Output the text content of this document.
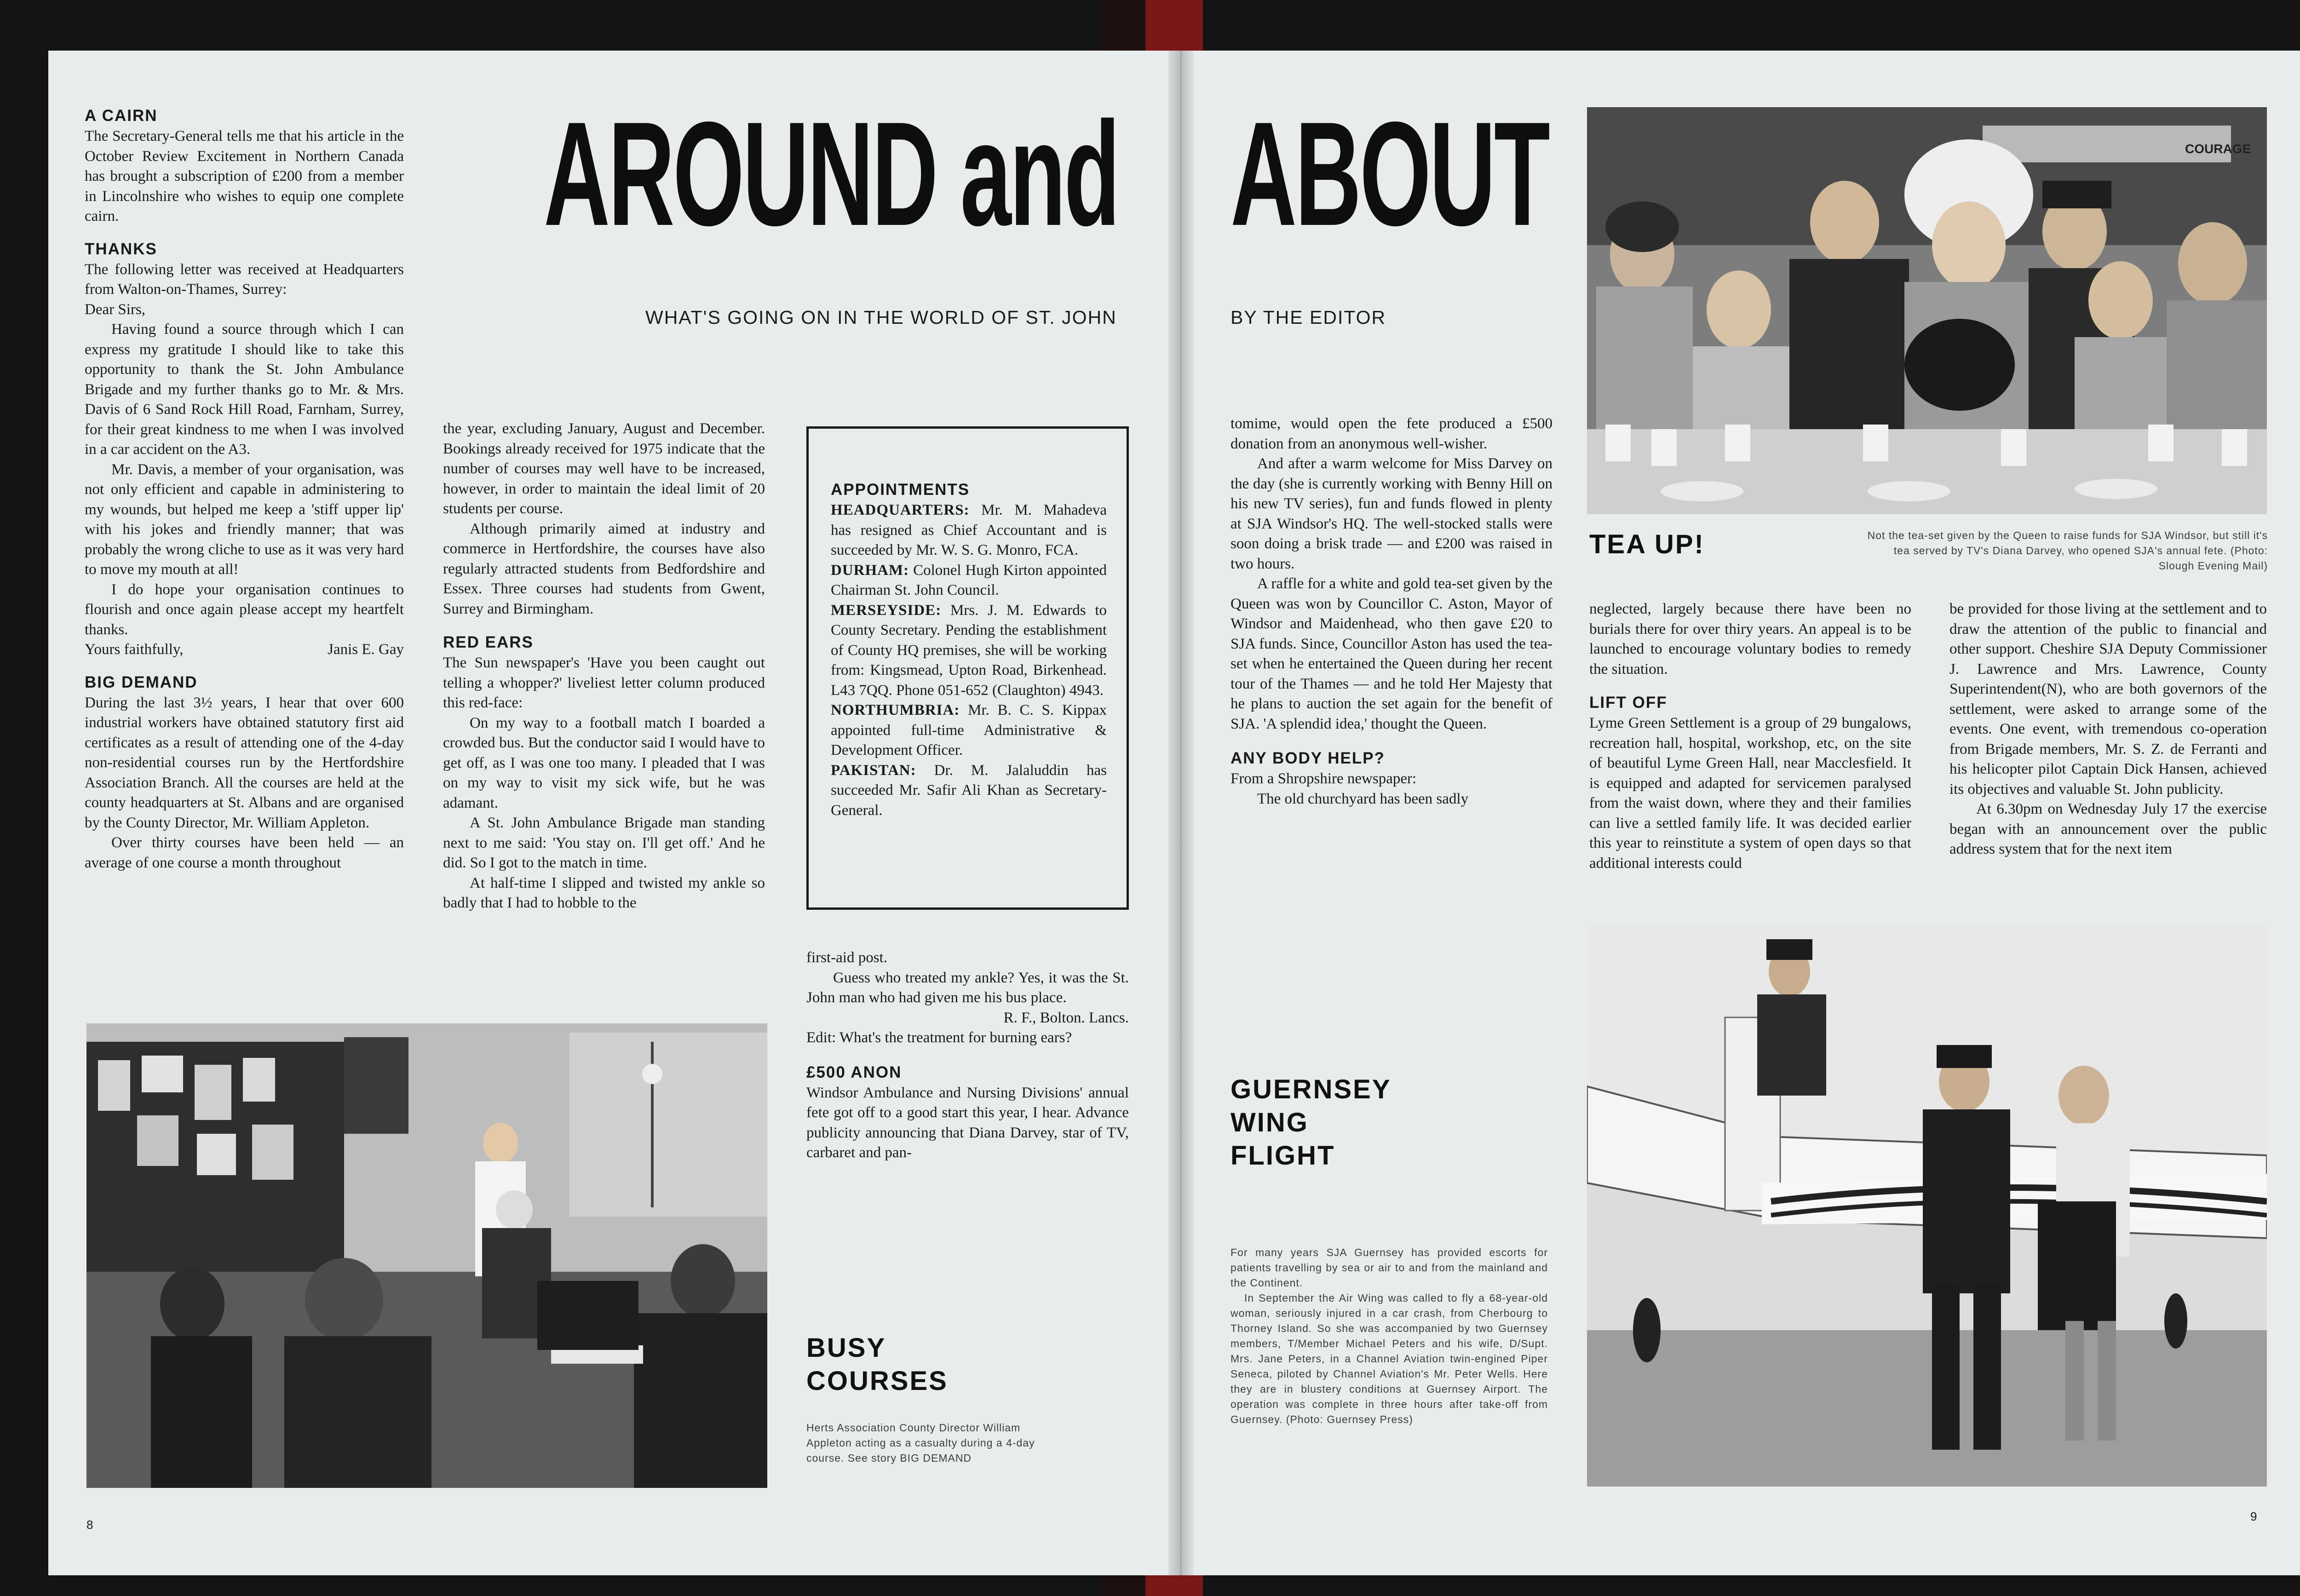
AROUND and ABOUT
WHAT'S GOING ON IN THE WORLD OF ST. JOHN	BY THE EDITOR
A CAIRN

The Secretary-General tells me that his article in the October Review Excitement in Northern Canada has brought a subscription of £200 from a member in Lincolnshire who wishes to equip one complete cairn.

THANKS

The following letter was received at Headquarters from Walton-on-Thames, Surrey:

Dear Sirs,

Having found a source through which I can express my gratitude I should like to take this opportunity to thank the St. John Ambulance Brigade and my further thanks go to Mr. & Mrs. Davis of 6 Sand Rock Hill Road, Farnham, Surrey, for their great kindness to me when I was involved in a car accident on the A3.

Mr. Davis, a member of your organisation, was not only efficient and capable in administering to my wounds, but helped me keep a 'stiff upper lip' with his jokes and friendly manner; that was probably the wrong cliche to use as it was very hard to move my mouth at all!

I do hope your organisation continues to flourish and once again please accept my heartfelt thanks.

Yours faithfully,	Janis E. Gay

BIG DEMAND

During the last 3½ years, I hear that over 600 industrial workers have obtained statutory first aid certificates as a result of attending one of the 4-day non-residential courses run by the Hertfordshire Association Branch. All the courses are held at the county headquarters at St. Albans and are organised by the County Director, Mr. William Appleton.

Over thirty courses have been held — an average of one course a month throughout

the year, excluding January, August and December. Bookings already received for 1975 indicate that the number of courses may well have to be increased, however, in order to maintain the ideal limit of 20 students per course.

Although primarily aimed at industry and commerce in Hertfordshire, the courses have also regularly attracted students from Bedfordshire and Essex. Three courses had students from Gwent, Surrey and Birmingham.

RED EARS

The Sun newspaper's 'Have you been caught out telling a whopper?' liveliest letter column produced this red-face:

On my way to a football match I boarded a crowded bus. But the conductor said I would have to get off, as I was one too many. I pleaded that I was on my way to visit my sick wife, but he was adamant.

A St. John Ambulance Brigade man standing next to me said: 'You stay on. I'll get off.' And he did. So I got to the match in time.

At half-time I slipped and twisted my ankle so badly that I had to hobble to the

APPOINTMENTS

HEADQUARTERS: Mr. M. Mahadeva has resigned as Chief Accountant and is succeeded by Mr. W. S. G. Monro, FCA.

DURHAM: Colonel Hugh Kirton appointed Chairman St. John Council.

MERSEYSIDE: Mrs. J. M. Edwards to County Secretary. Pending the establishment of County HQ premises, she will be working from: Kingsmead, Upton Road, Birkenhead. L43 7QQ. Phone 051-652 (Claughton) 4943.

NORTHUMBRIA: Mr. B. C. S. Kippax appointed full-time Administrative & Development Officer.

PAKISTAN: Dr. M. Jalaluddin has succeeded Mr. Safir Ali Khan as Secretary-General.

first-aid post.

Guess who treated my ankle? Yes, it was the St. John man who had given me his bus place.

R. F., Bolton. Lancs.

Edit: What's the treatment for burning ears?

£500 ANON

Windsor Ambulance and Nursing Divisions' annual fete got off to a good start this year, I hear. Advance publicity announcing that Diana Darvey, star of TV, carbaret and pan-

BUSY
COURSES
Herts Association County Director William Appleton acting as a casualty during a 4-day course. See story BIG DEMAND

tomime, would open the fete produced a £500 donation from an anonymous well-wisher.

And after a warm welcome for Miss Darvey on the day (she is currently working with Benny Hill on his new TV series), fun and funds flowed in plenty at SJA Windsor's HQ. The well-stocked stalls were soon doing a brisk trade — and £200 was raised in two hours.

A raffle for a white and gold tea-set given by the Queen was won by Councillor C. Aston, Mayor of Windsor and Maidenhead, who then gave £20 to SJA funds. Since, Councillor Aston has used the tea-set when he entertained the Queen during her recent tour of the Thames — and he told Her Majesty that he plans to auction the set again for the benefit of SJA. 'A splendid idea,' thought the Queen.

ANY BODY HELP?

From a Shropshire newspaper:

The old churchyard has been sadly

COURAGE
TEA UP!	Not the tea-set given by the Queen to raise funds for SJA Windsor, but still it's tea served by TV's Diana Darvey, who opened SJA's annual fete. (Photo: Slough Evening Mail)

neglected, largely because there have been no burials there for over thiry years. An appeal is to be launched to encourage voluntary bodies to remedy the situation.

LIFT OFF

Lyme Green Settlement is a group of 29 bungalows, recreation hall, hospital, workshop, etc, on the site of beautiful Lyme Green Hall, near Macclesfield. It is equipped and adapted for servicemen paralysed from the waist down, where they and their families can live a settled family life. It was decided earlier this year to reinstitute a system of open days so that additional interests could

be provided for those living at the settlement and to draw the attention of the public to financial and other support. Cheshire SJA Deputy Commissioner J. Lawrence and Mrs. Lawrence, County Superintendent(N), who are both governors of the settlement, were asked to arrange some of the events. One event, with tremendous co-operation from Brigade members, Mr. S. Z. de Ferranti and his helicopter pilot Captain Dick Hansen, achieved its objectives and valuable St. John publicity.

At 6.30pm on Wednesday July 17 the exercise began with an announcement over the public address system that for the next item

GUERNSEY
WING
FLIGHT
For many years SJA Guernsey has provided escorts for patients travelling by sea or air to and from the mainland and the Continent.
In September the Air Wing was called to fly a 68-year-old woman, seriously injured in a car crash, from Cherbourg to Thorney Island. So she was accompanied by two Guernsey members, T/Member Michael Peters and his wife, D/Supt. Mrs. Jane Peters, in a Channel Aviation twin-engined Piper Seneca, piloted by Channel Aviation's Mr. Peter Wells. Here they are in blustery conditions at Guernsey Airport. The operation was complete in three hours after take-off from Guernsey. (Photo: Guernsey Press)
8
9
